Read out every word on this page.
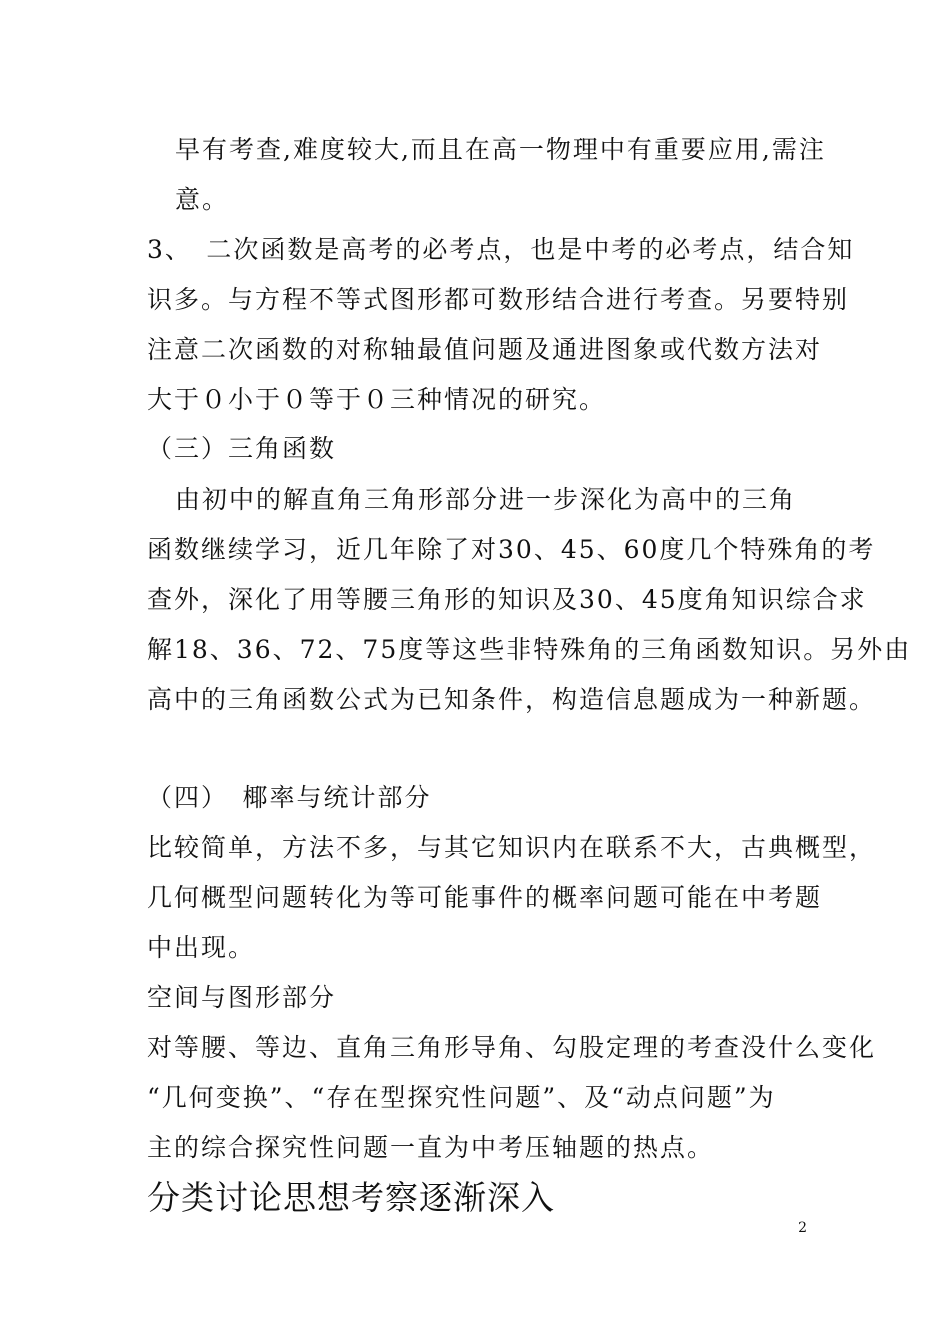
早有考查,难度较大,而且在高一物理中有重要应用,需注
意。
3、　二次函数是高考的必考点，也是中考的必考点，结合知
识多。与方程不等式图形都可数形结合进行考查。另要特别
注意二次函数的对称轴最值问题及通进图象或代数方法对
大于０小于０等于０三种情况的研究。
（三）三角函数
由初中的解直角三角形部分进一步深化为高中的三角
函数继续学习，近几年除了对30、45、60度几个特殊角的考
查外，深化了用等腰三角形的知识及30、45度角知识综合求
解18、36、72、75度等这些非特殊角的三角函数知识。另外由
高中的三角函数公式为已知条件，构造信息题成为一种新题。
（四）　椰率与统计部分
比较简单，方法不多，与其它知识内在联系不大，古典概型，
几何概型问题转化为等可能事件的概率问题可能在中考题
中出现。
空间与图形部分
对等腰、等边、直角三角形导角、勾股定理的考查没什么变化
“几何变换”、“存在型探究性问题”、及“动点问题”为
主的综合探究性问题一直为中考压轴题的热点。
分类讨论思想考察逐渐深入
2
